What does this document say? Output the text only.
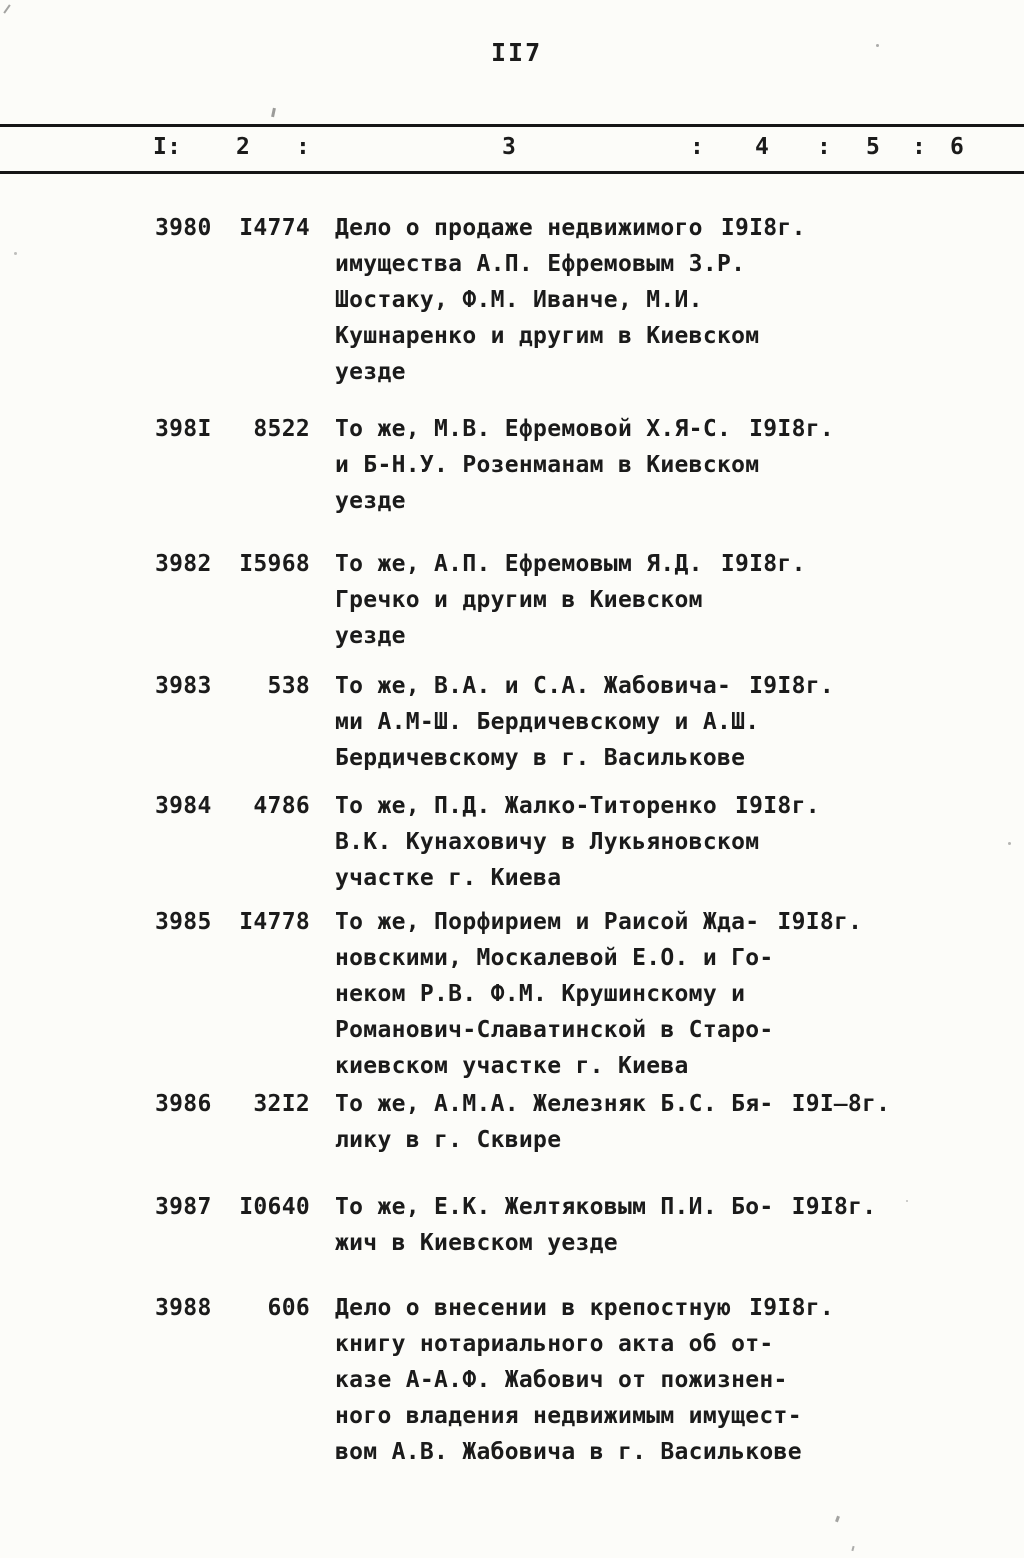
II7
I: 2 :	3	: 4 : 5 : 6
3980	I4774 Дело о продаже недвижимого I9I8г.
имущества А.П. Ефремовым З.Р.
Шостаку, Ф.М. Иванче, М.И.
Кушнаренко и другим в Киевском
уезде
398I	8522 То же, М.В. Ефремовой Х.Я-С. I9I8г.
и Б-Н.У. Розенманам в Киевском
уезде
3982	I5968 То же, А.П. Ефремовым Я.Д. I9I8г.
Гречко и другим в Киевском
уезде
3983	538 То же, В.А. и С.А. Жабовича- I9I8г.
ми А.М-Ш. Бердичевскому и А.Ш.
Бердичевскому в г. Василькове
3984	4786 То же, П.Д. Жалко-Титоренко I9I8г.
В.К. Кунаховичу в Лукьяновском
участке г. Киева
3985	I4778 То же, Порфирием и Раисой Жда- I9I8г.
новскими, Москалевой Е.О. и Го-
неком Р.В. Ф.М. Крушинскому и
Романович-Славатинской в Старо-
киевском участке г. Киева
3986	32I2 То же, А.М.А. Железняк Б.С. Бя- I9I̶8г.
лику в г. Сквире
3987	I0640 То же, Е.К. Желтяковым П.И. Бо- I9I8г.
жич в Киевском уезде
3988	606 Дело о внесении в крепостную I9I8г.
книгу нотариального акта об от-
казе А-А.Ф. Жабович от пожизнен-
ного владения недвижимым имущест-
вом А.В. Жабовича в г. Василькове
